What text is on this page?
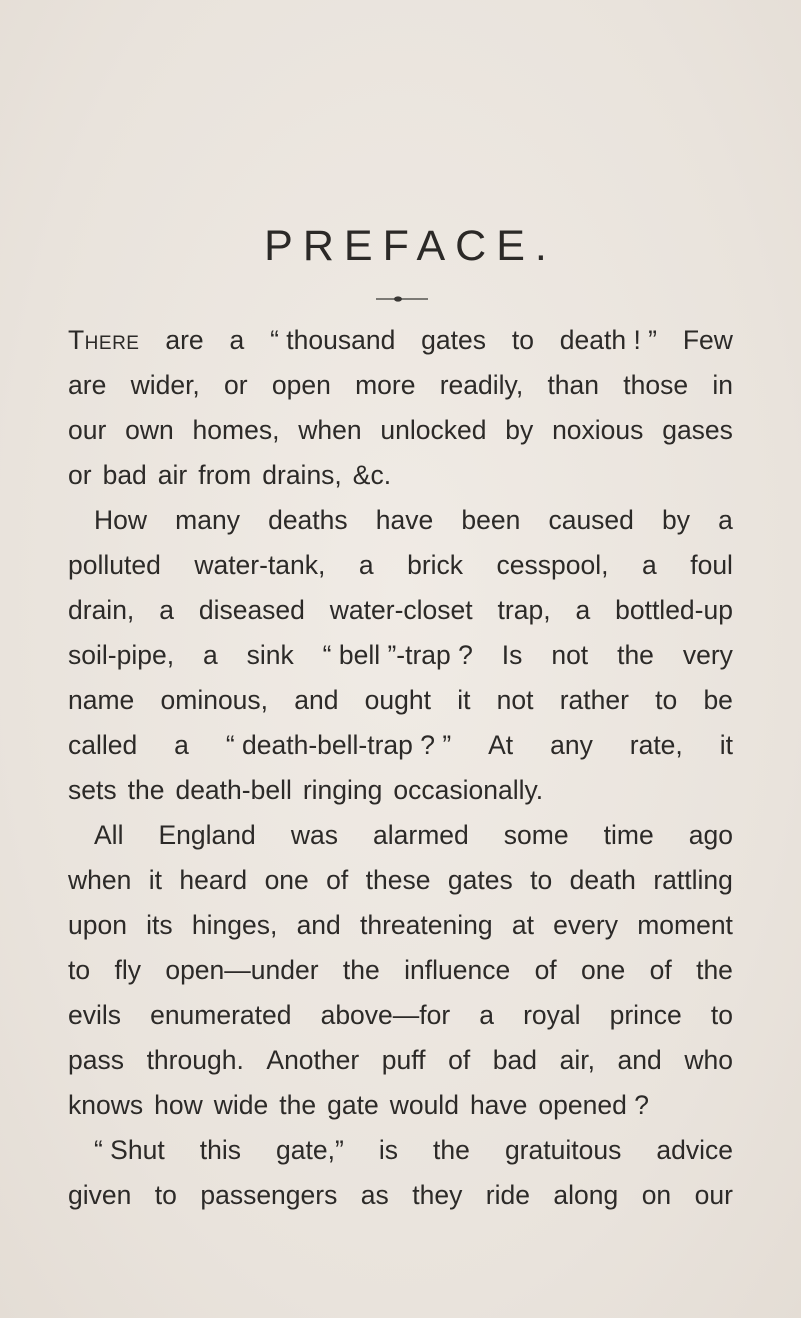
PREFACE.
There are a “ thousand gates to death ! ” Few
are wider, or open more readily, than those in
our own homes, when unlocked by noxious gases
or bad air from drains, &c.
How many deaths have been caused by a
polluted water-tank, a brick cesspool, a foul
drain, a diseased water-closet trap, a bottled-up
soil-pipe, a sink “ bell ”-trap ? Is not the very
name ominous, and ought it not rather to be
called a “ death-bell-trap ? ” At any rate, it
sets the death-bell ringing occasionally.
All England was alarmed some time ago
when it heard one of these gates to death rattling
upon its hinges, and threatening at every moment
to fly open—under the influence of one of the
evils enumerated above—for a royal prince to
pass through. Another puff of bad air, and who
knows how wide the gate would have opened ?
“ Shut this gate,” is the gratuitous advice
given to passengers as they ride along on our
